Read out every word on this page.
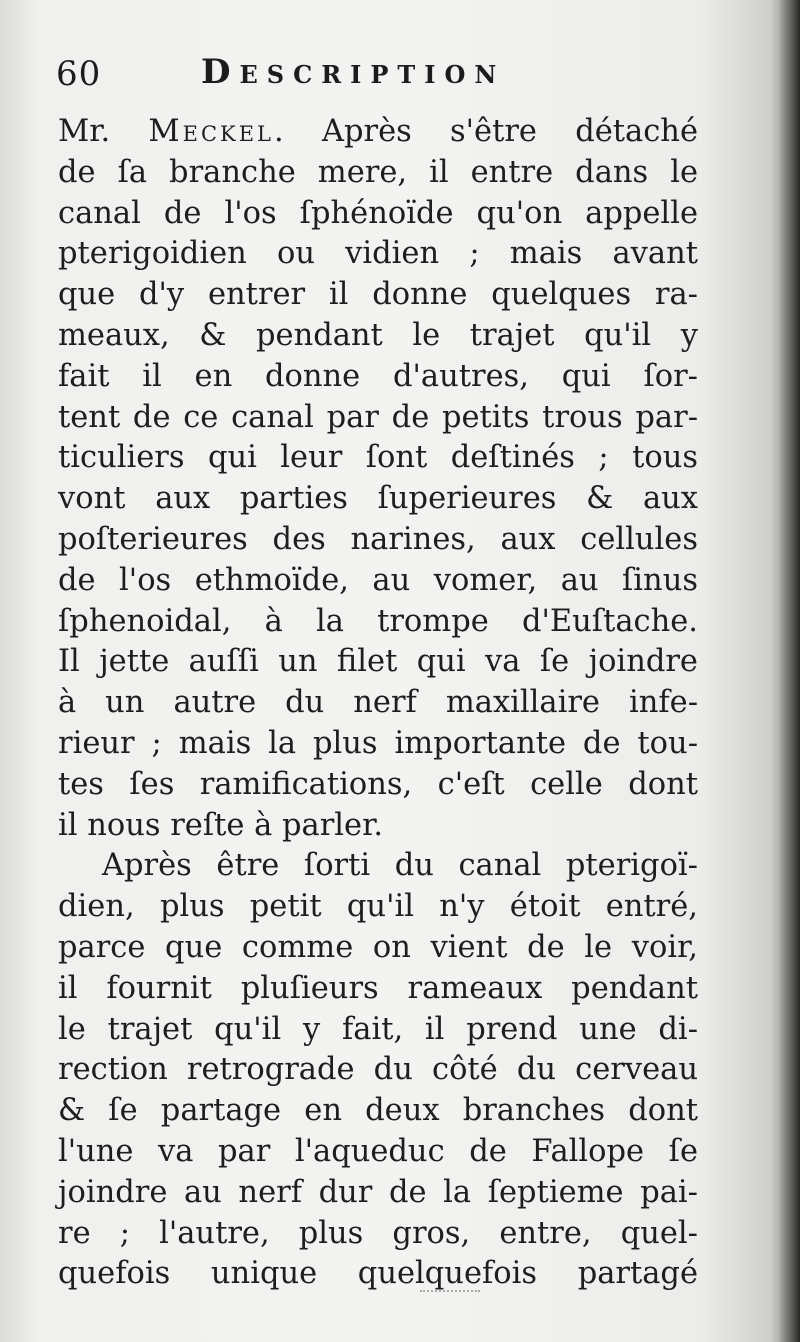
60	Description
Mr. Meckel. Après s'être détaché
de ſa branche mere, il entre dans le
canal de l'os ſphénoïde qu'on appelle
pterigoidien ou vidien ; mais avant
que d'y entrer il donne quelques ra-
meaux, & pendant le trajet qu'il y
fait il en donne d'autres, qui ſor-
tent de ce canal par de petits trous par-
ticuliers qui leur ſont deſtinés ; tous
vont aux parties ſuperieures & aux
poſterieures des narines, aux cellules
de l'os ethmoïde, au vomer, au ſinus
ſphenoidal, à la trompe d'Euſtache.
Il jette auſſi un filet qui va ſe joindre
à un autre du nerf maxillaire infe-
rieur ; mais la plus importante de tou-
tes ſes ramifications, c'eſt celle dont
il nous reſte à parler.
Après être ſorti du canal pterigoï-
dien, plus petit qu'il n'y étoit entré,
parce que comme on vient de le voir,
il fournit pluſieurs rameaux pendant
le trajet qu'il y fait, il prend une di-
rection retrograde du côté du cerveau
& ſe partage en deux branches dont
l'une va par l'aqueduc de Fallope ſe
joindre au nerf dur de la ſeptieme pai-
re ; l'autre, plus gros, entre, quel-
quefois unique quelquefois partagé
